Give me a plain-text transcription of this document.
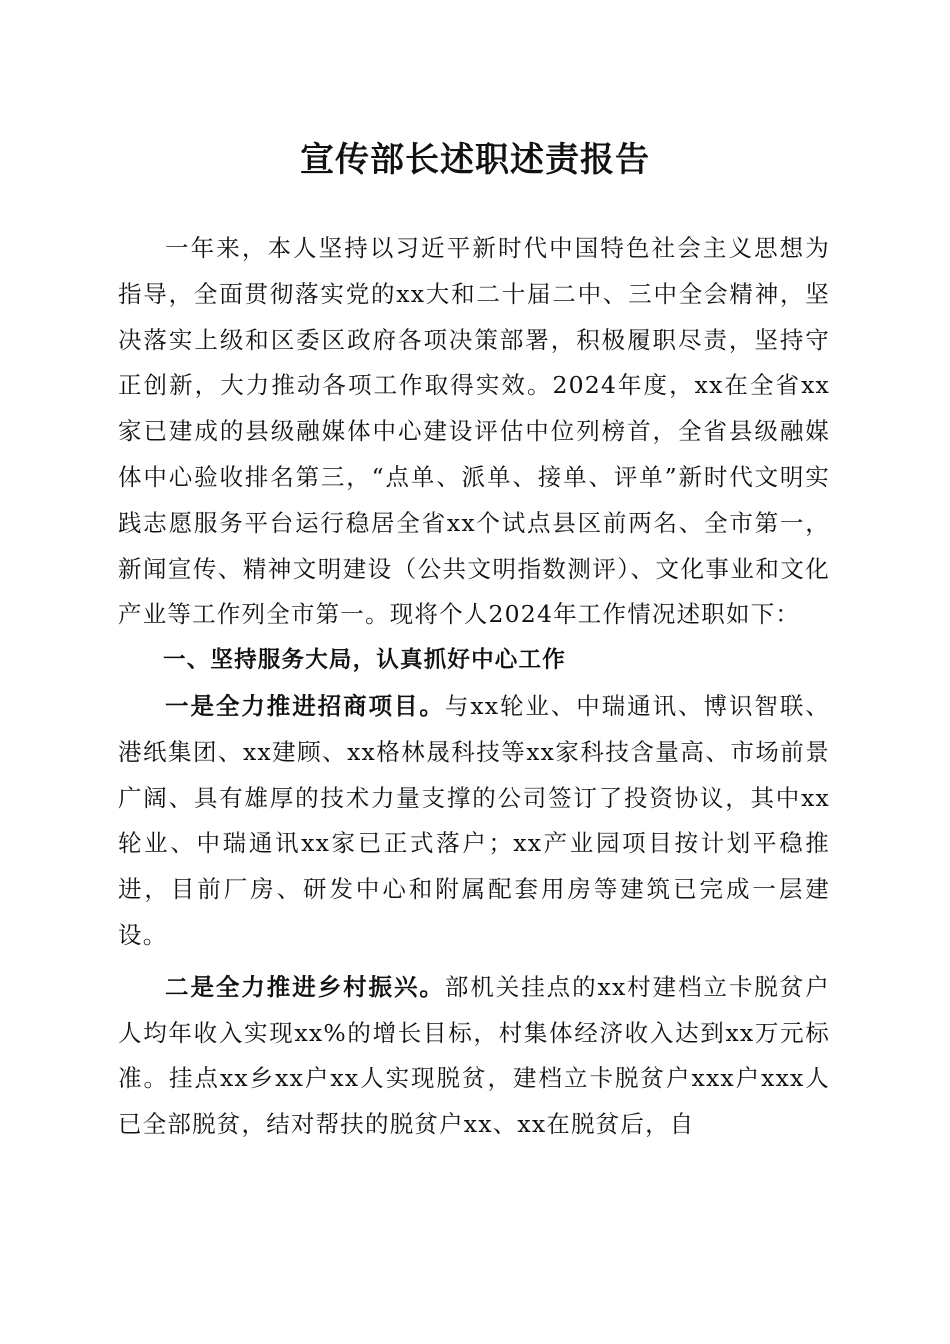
宣传部长述职述责报告

一年来，本人坚持以习近平新时代中国特色社会主义思想为指导，全面贯彻落实党的xx大和二十届二中、三中全会精神，坚决落实上级和区委区政府各项决策部署，积极履职尽责，坚持守正创新，大力推动各项工作取得实效。2024年度，xx在全省xx家已建成的县级融媒体中心建设评估中位列榜首，全省县级融媒体中心验收排名第三，“点单、派单、接单、评单”新时代文明实践志愿服务平台运行稳居全省xx个试点县区前两名、全市第一，新闻宣传、精神文明建设（公共文明指数测评）、文化事业和文化产业等工作列全市第一。现将个人2024年工作情况述职如下：

一、坚持服务大局，认真抓好中心工作

一是全力推进招商项目。与xx轮业、中瑞通讯、博识智联、港纸集团、xx建顾、xx格林晟科技等xx家科技含量高、市场前景广阔、具有雄厚的技术力量支撑的公司签订了投资协议，其中xx轮业、中瑞通讯xx家已正式落户；xx产业园项目按计划平稳推进，目前厂房、研发中心和附属配套用房等建筑已完成一层建设。

二是全力推进乡村振兴。部机关挂点的xx村建档立卡脱贫户人均年收入实现xx%的增长目标，村集体经济收入达到xx万元标准。挂点xx乡xx户xx人实现脱贫，建档立卡脱贫户xxx户xxx人已全部脱贫，结对帮扶的脱贫户xx、xx在脱贫后，自
